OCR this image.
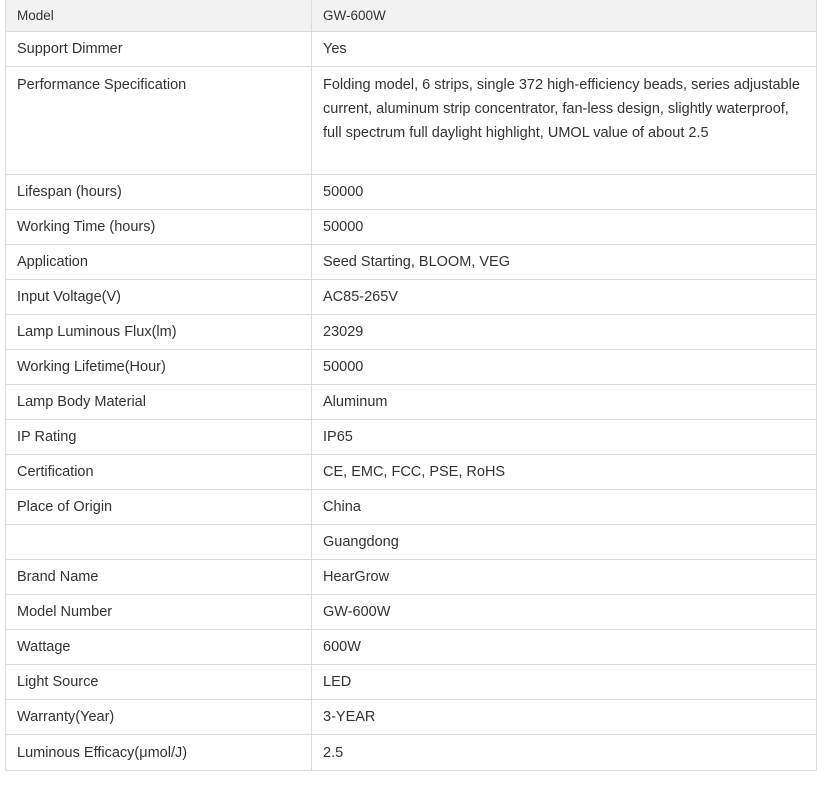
Model	GW-600W
Support Dimmer	Yes
Performance Specification	Folding model, 6 strips, single 372 high-efficiency beads, series adjustable current, aluminum strip concentrator, fan-less design, slightly waterproof, full spectrum full daylight highlight, UMOL value of about 2.5
Lifespan (hours)	50000
Working Time (hours)	50000
Application	Seed Starting, BLOOM, VEG
Input Voltage(V)	AC85-265V
Lamp Luminous Flux(lm)	23029
Working Lifetime(Hour)	50000
Lamp Body Material	Aluminum
IP Rating	IP65
Certification	CE, EMC, FCC, PSE, RoHS
Place of Origin	China
	Guangdong
Brand Name	HearGrow
Model Number	GW-600W
Wattage	600W
Light Source	LED
Warranty(Year)	3-YEAR
Luminous Efficacy(μmol/J)	2.5
